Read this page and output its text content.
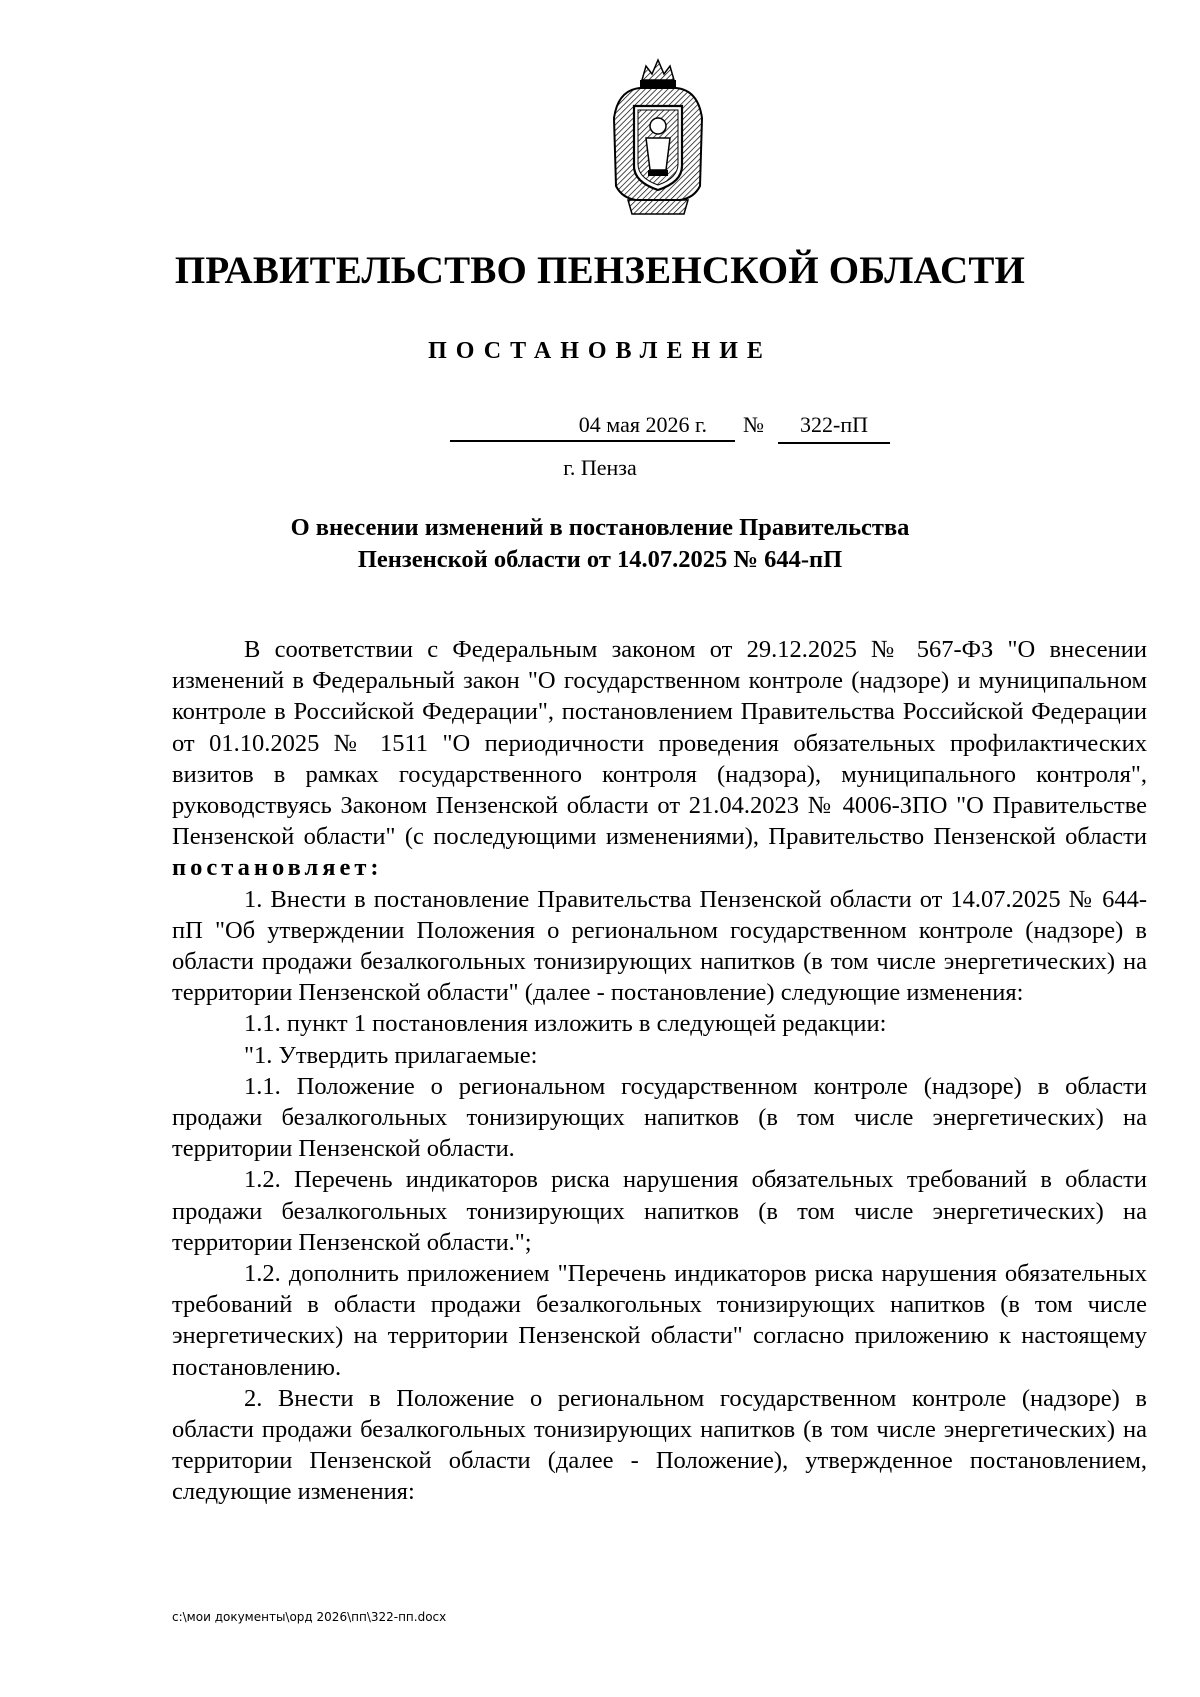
ПРАВИТЕЛЬСТВО ПЕНЗЕНСКОЙ ОБЛАСТИ
ПОСТАНОВЛЕНИЕ
04 мая 2026 г.	№	322-пП
г. Пенза
О внесении изменений в постановление Правительства
Пензенской области от 14.07.2025 № 644-пП

В соответствии с Федеральным законом от 29.12.2025 № 567-ФЗ "О внесении изменений в Федеральный закон "О государственном контроле (надзоре) и муниципальном контроле в Российской Федерации", постановлением Правительства Российской Федерации от 01.10.2025 № 1511 "О периодичности проведения обязательных профилактических визитов в рамках государственного контроля (надзора), муниципального контроля", руководствуясь Законом Пензенской области от 21.04.2023 № 4006-ЗПО "О Правительстве Пензенской области" (с последующими изменениями), Правительство Пензенской области постановляет:

1. Внести в постановление Правительства Пензенской области от 14.07.2025 № 644-пП "Об утверждении Положения о региональном государственном контроле (надзоре) в области продажи безалкогольных тонизирующих напитков (в том числе энергетических) на территории Пензенской области" (далее - постановление) следующие изменения:

1.1. пункт 1 постановления изложить в следующей редакции:

"1. Утвердить прилагаемые:

1.1. Положение о региональном государственном контроле (надзоре) в области продажи безалкогольных тонизирующих напитков (в том числе энергетических) на территории Пензенской области.

1.2. Перечень индикаторов риска нарушения обязательных требований в области продажи безалкогольных тонизирующих напитков (в том числе энергетических) на территории Пензенской области.";

1.2. дополнить приложением "Перечень индикаторов риска нарушения обязательных требований в области продажи безалкогольных тонизирующих напитков (в том числе энергетических) на территории Пензенской области" согласно приложению к настоящему постановлению.

2. Внести в Положение о региональном государственном контроле (надзоре) в области продажи безалкогольных тонизирующих напитков (в том числе энергетических) на территории Пензенской области (далее - Положение), утвержденное постановлением, следующие изменения:

c:\мои документы\орд 2026\пп\322-пп.docx
